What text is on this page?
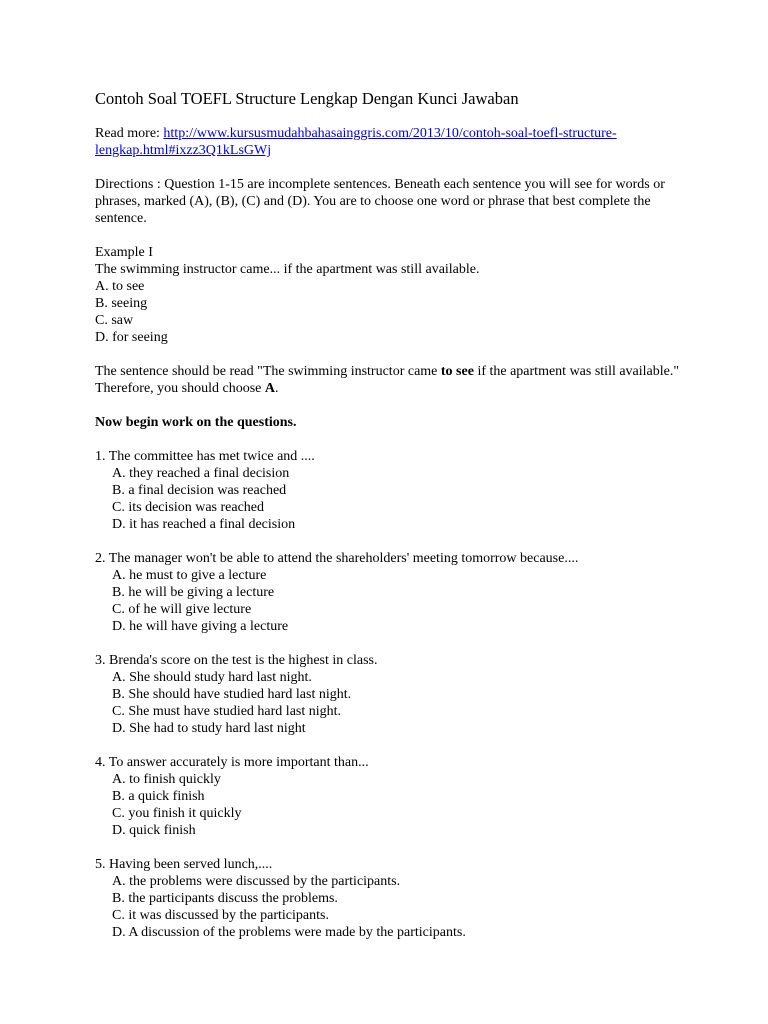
Contoh Soal TOEFL Structure Lengkap Dengan Kunci Jawaban
Read more: http://www.kursusmudahbahasainggris.com/2013/10/contoh-soal-toefl-structure-lengkap.html#ixzz3Q1kLsGWj
Directions : Question 1-15 are incomplete sentences. Beneath each sentence you will see for words or phrases, marked (A), (B), (C) and (D). You are to choose one word or phrase that best complete the sentence.
Example I
The swimming instructor came... if the apartment was still available.
A. to see
B. seeing
C. saw
D. for seeing
The sentence should be read "The swimming instructor came to see if the apartment was still available." Therefore, you should choose A.
Now begin work on the questions.
1. The committee has met twice and ....
A. they reached a final decision
B. a final decision was reached
C. its decision was reached
D. it has reached a final decision
2. The manager won't be able to attend the shareholders' meeting tomorrow because....
A. he must to give a lecture
B. he will be giving a lecture
C. of he will give lecture
D. he will have giving a lecture
3. Brenda's score on the test is the highest in class.
A. She should study hard last night.
B. She should have studied hard last night.
C. She must have studied hard last night.
D. She had to study hard last night
4. To answer accurately is more important than...
A. to finish quickly
B. a quick finish
C. you finish it quickly
D. quick finish
5. Having been served lunch,....
A. the problems were discussed by the participants.
B. the participants discuss the problems.
C. it was discussed by the participants.
D. A discussion of the problems were made by the participants.
